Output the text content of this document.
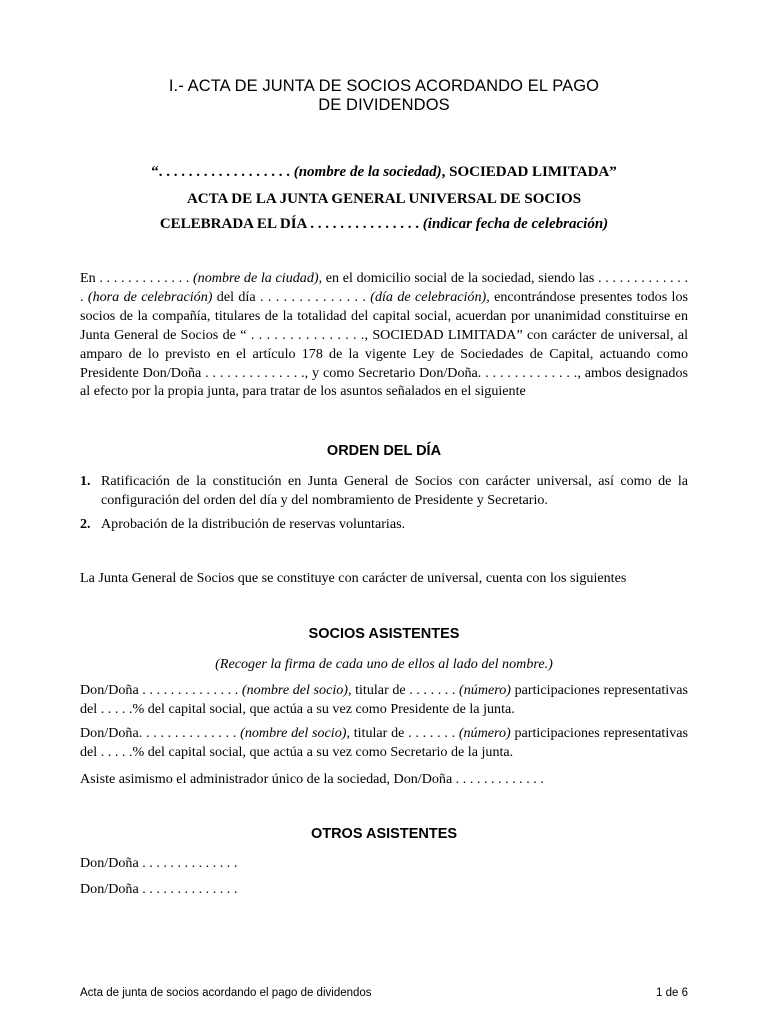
I.- ACTA DE JUNTA DE SOCIOS ACORDANDO EL PAGO
DE DIVIDENDOS
“. . . . . . . . . . . . . . . . . . (nombre de la sociedad), SOCIEDAD LIMITADA”
ACTA DE LA JUNTA GENERAL UNIVERSAL DE SOCIOS
CELEBRADA EL DÍA . . . . . . . . . . . . . . . (indicar fecha de celebración)
En . . . . . . . . . . . . . (nombre de la ciudad), en el domicilio social de la sociedad, siendo las . . . . . . . . . . . . . . (hora de celebración) del día . . . . . . . . . . . . . . (día de celebración), encontrándose presentes todos los socios de la compañía, titulares de la totalidad del capital social, acuerdan por unanimidad constituirse en Junta General de Socios de “ . . . . . . . . . . . . . . ., SOCIEDAD LIMITADA” con carácter de universal, al amparo de lo previsto en el artículo 178 de la vigente Ley de Sociedades de Capital, actuando como Presidente Don/Doña . . . . . . . . . . . . . ., y como Secretario Don/Doña. . . . . . . . . . . . . ., ambos designados al efecto por la propia junta, para tratar de los asuntos señalados en el siguiente
ORDEN DEL DÍA
1. Ratificación de la constitución en Junta General de Socios con carácter universal, así como de la configuración del orden del día y del nombramiento de Presidente y Secretario.
2. Aprobación de la distribución de reservas voluntarias.
La Junta General de Socios que se constituye con carácter de universal, cuenta con los siguientes
SOCIOS ASISTENTES
(Recoger la firma de cada uno de ellos al lado del nombre.)
Don/Doña . . . . . . . . . . . . . . (nombre del socio), titular de . . . . . . . (número) participaciones representativas del . . . . .% del capital social, que actúa a su vez como Presidente de la junta.
Don/Doña. . . . . . . . . . . . . . (nombre del socio), titular de . . . . . . . (número) participaciones representativas del . . . . .% del capital social, que actúa a su vez como Secretario de la junta.
Asiste asimismo el administrador único de la sociedad, Don/Doña . . . . . . . . . . . . .
OTROS ASISTENTES
Don/Doña . . . . . . . . . . . . . .
Don/Doña . . . . . . . . . . . . . .
Acta de junta de socios acordando el pago de dividendos	1 de 6
